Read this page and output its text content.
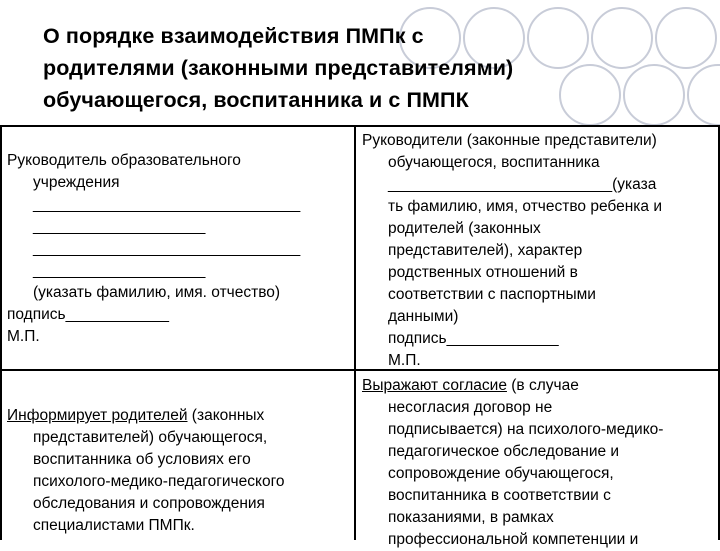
О порядке взаимодействия ПМПк с
родителями (законными представителями)
обучающегося, воспитанника и с ПМПК
Руководитель образовательного
учреждения
_______________________________
____________________
_______________________________
____________________
(указать фамилию, имя. отчество)
подпись____________
М.П.
Руководители (законные представители)
обучающегося, воспитанника
__________________________(указа
ть фамилию, имя, отчество ребенка и
родителей (законных
представителей), характер
родственных отношений в
соответствии с паспортными
данными)
подпись_____________
М.П.
Информирует родителей (законных
представителей) обучающегося,
воспитанника об условиях его
психолого-медико-педагогического
обследования и сопровождения
специалистами ПМПк.
Выражают согласие (в случае
несогласия договор не
подписывается) на психолого-медико-
педагогическое обследование и
сопровождение обучающегося,
воспитанника в соответствии с
показаниями, в рамках
профессиональной компетенции и
